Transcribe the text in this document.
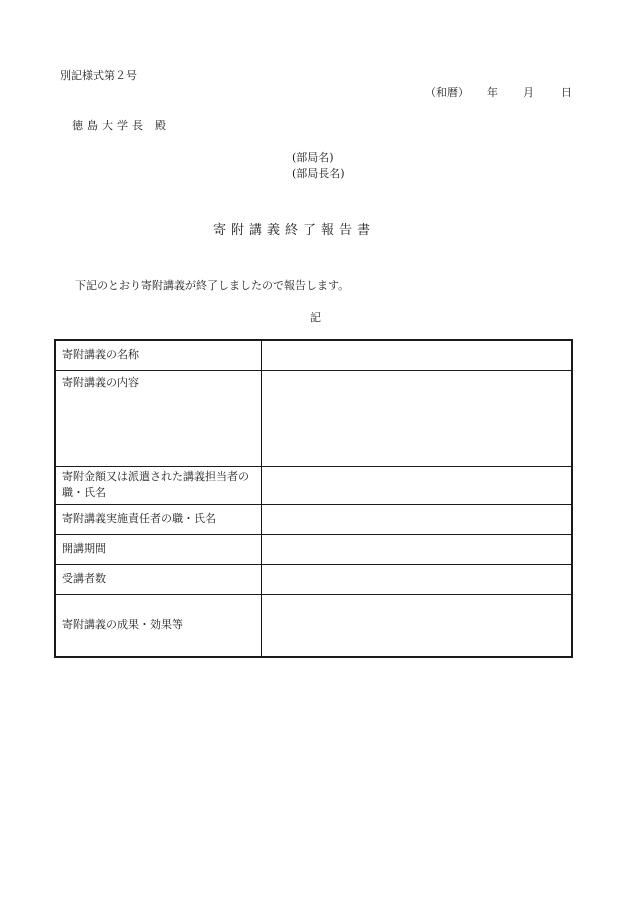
別記様式第２号
（和暦） 年 月 日
徳島大学長 殿
(部局名)
(部局長名)
寄附講義終了報告書
下記のとおり寄附講義が終了しましたので報告します。
記
寄附講義の名称	
寄附講義の内容	
寄附金額又は派遣された講義担当者の職・氏名	
寄附講義実施責任者の職・氏名	
開講期間	
受講者数	
寄附講義の成果・効果等	
